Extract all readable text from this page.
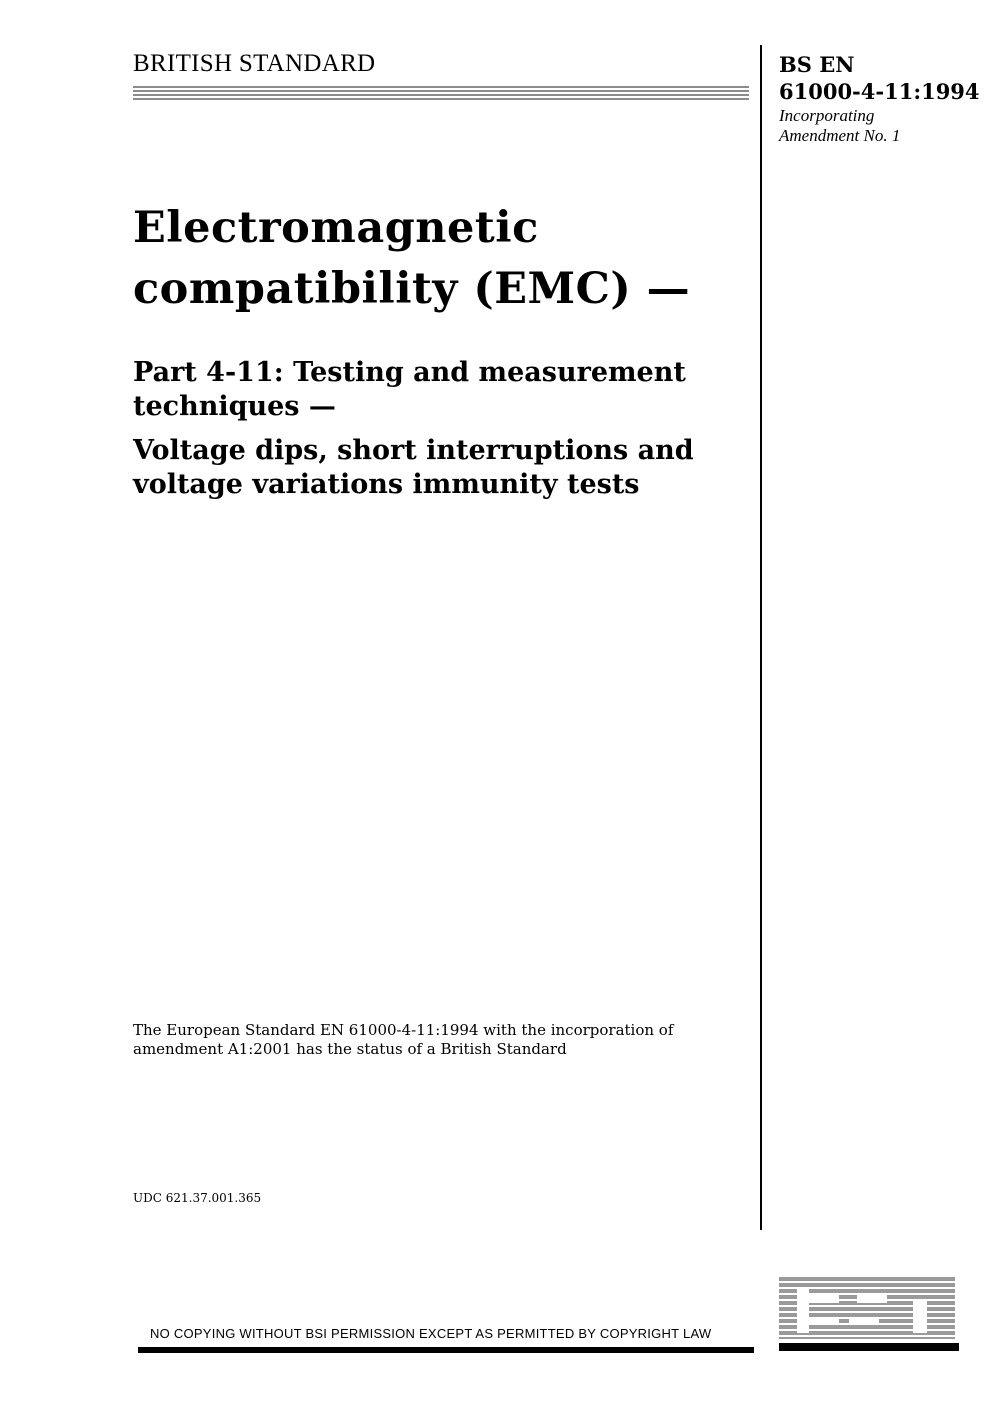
BRITISH STANDARD	BS EN
61000-4-11:1994
Incorporating
Amendment No. 1
Electromagnetic
compatibility (EMC) —
Part 4-11: Testing and measurement
techniques —
Voltage dips, short interruptions and
voltage variations immunity tests
The European Standard EN 61000-4-11:1994 with the incorporation of
amendment A1:2001 has the status of a British Standard
UDC 621.37.001.365
NO COPYING WITHOUT BSI PERMISSION EXCEPT AS PERMITTED BY COPYRIGHT LAW
